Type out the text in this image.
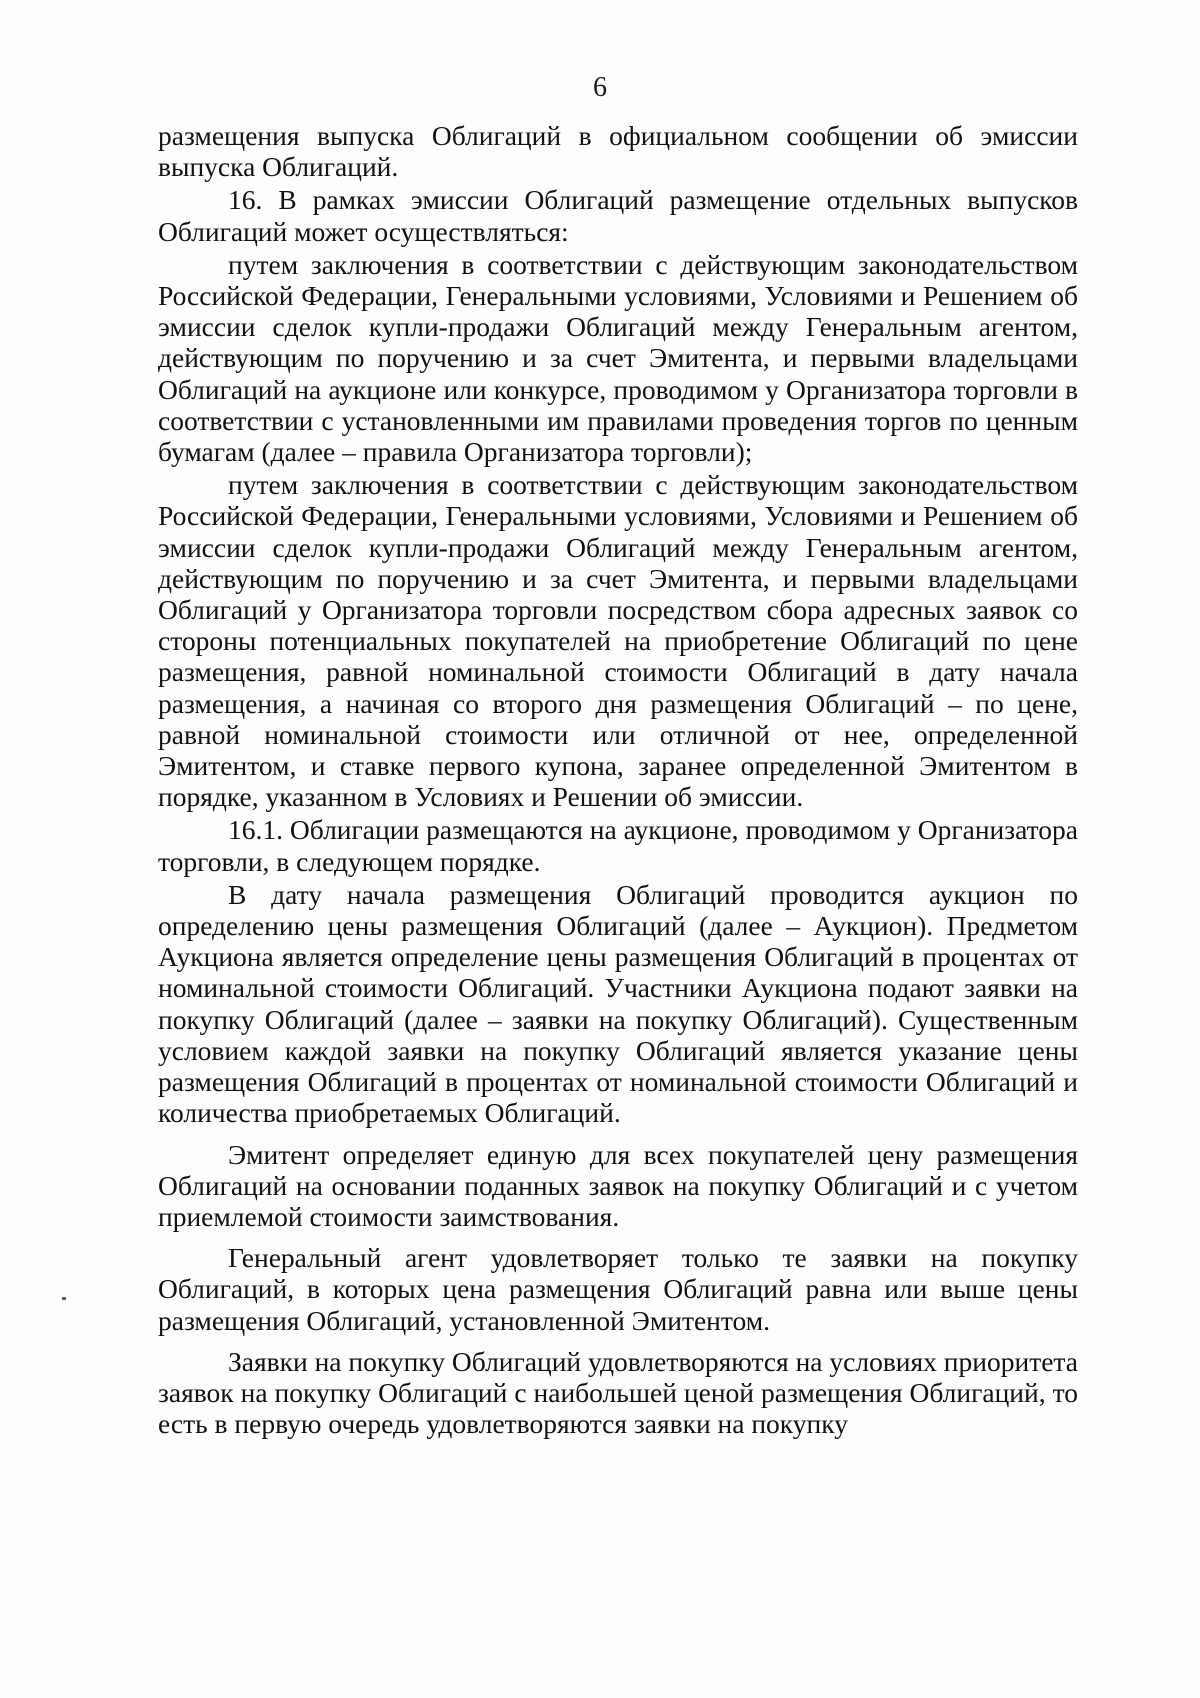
6

размещения выпуска Облигаций в официальном сообщении об эмиссии выпуска Облигаций.

16. В рамках эмиссии Облигаций размещение отдельных выпусков Облигаций может осуществляться:

путем заключения в соответствии с действующим законодательством Российской Федерации, Генеральными условиями, Условиями и Решением об эмиссии сделок купли-продажи Облигаций между Генеральным агентом, действующим по поручению и за счет Эмитента, и первыми владельцами Облигаций на аукционе или конкурсе, проводимом у Организатора торговли в соответствии с установленными им правилами проведения торгов по ценным бумагам (далее – правила Организатора торговли);

путем заключения в соответствии с действующим законодательством Российской Федерации, Генеральными условиями, Условиями и Решением об эмиссии сделок купли-продажи Облигаций между Генеральным агентом, действующим по поручению и за счет Эмитента, и первыми владельцами Облигаций у Организатора торговли посредством сбора адресных заявок со стороны потенциальных покупателей на приобретение Облигаций по цене размещения, равной номинальной стоимости Облигаций в дату начала размещения, а начиная со второго дня размещения Облигаций – по цене, равной номинальной стоимости или отличной от нее, определенной Эмитентом, и ставке первого купона, заранее определенной Эмитентом в порядке, указанном в Условиях и Решении об эмиссии.

16.1. Облигации размещаются на аукционе, проводимом у Организатора торговли, в следующем порядке.

В дату начала размещения Облигаций проводится аукцион по определению цены размещения Облигаций (далее – Аукцион). Предметом Аукциона является определение цены размещения Облигаций в процентах от номинальной стоимости Облигаций. Участники Аукциона подают заявки на покупку Облигаций (далее – заявки на покупку Облигаций). Существенным условием каждой заявки на покупку Облигаций является указание цены размещения Облигаций в процентах от номинальной стоимости Облигаций и количества приобретаемых Облигаций.

Эмитент определяет единую для всех покупателей цену размещения Облигаций на основании поданных заявок на покупку Облигаций и с учетом приемлемой стоимости заимствования.

Генеральный агент удовлетворяет только те заявки на покупку Облигаций, в которых цена размещения Облигаций равна или выше цены размещения Облигаций, установленной Эмитентом.

Заявки на покупку Облигаций удовлетворяются на условиях приоритета заявок на покупку Облигаций с наибольшей ценой размещения Облигаций, то есть в первую очередь удовлетворяются заявки на покупку
